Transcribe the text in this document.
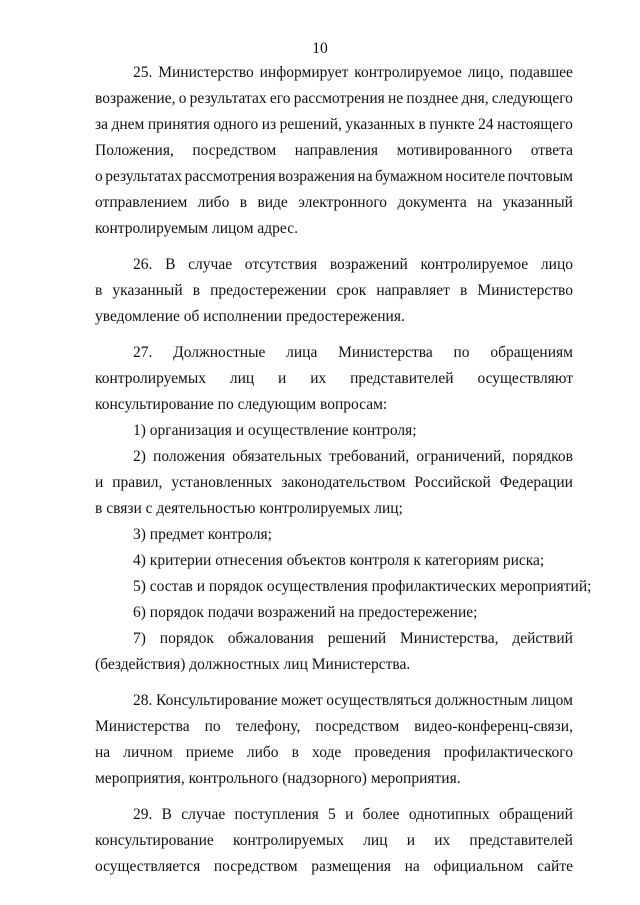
10
25. Министерство информирует контролируемое лицо, подавшее
возражение, о результатах его рассмотрения не позднее дня, следующего
за днем принятия одного из решений, указанных в пункте 24 настоящего
Положения, посредством направления мотивированного ответа
о результатах рассмотрения возражения на бумажном носителе почтовым
отправлением либо в виде электронного документа на указанный
контролируемым лицом адрес.
26. В случае отсутствия возражений контролируемое лицо
в указанный в предостережении срок направляет в Министерство
уведомление об исполнении предостережения.
27. Должностные лица Министерства по обращениям
контролируемых лиц и их представителей осуществляют
консультирование по следующим вопросам:
1) организация и осуществление контроля;
2) положения обязательных требований, ограничений, порядков
и правил, установленных законодательством Российской Федерации
в связи с деятельностью контролируемых лиц;
3) предмет контроля;
4) критерии отнесения объектов контроля к категориям риска;
5) состав и порядок осуществления профилактических мероприятий;
6) порядок подачи возражений на предостережение;
7) порядок обжалования решений Министерства, действий
(бездействия) должностных лиц Министерства.
28. Консультирование может осуществляться должностным лицом
Министерства по телефону, посредством видео-конференц-связи,
на личном приеме либо в ходе проведения профилактического
мероприятия, контрольного (надзорного) мероприятия.
29. В случае поступления 5 и более однотипных обращений
консультирование контролируемых лиц и их представителей
осуществляется посредством размещения на официальном сайте
